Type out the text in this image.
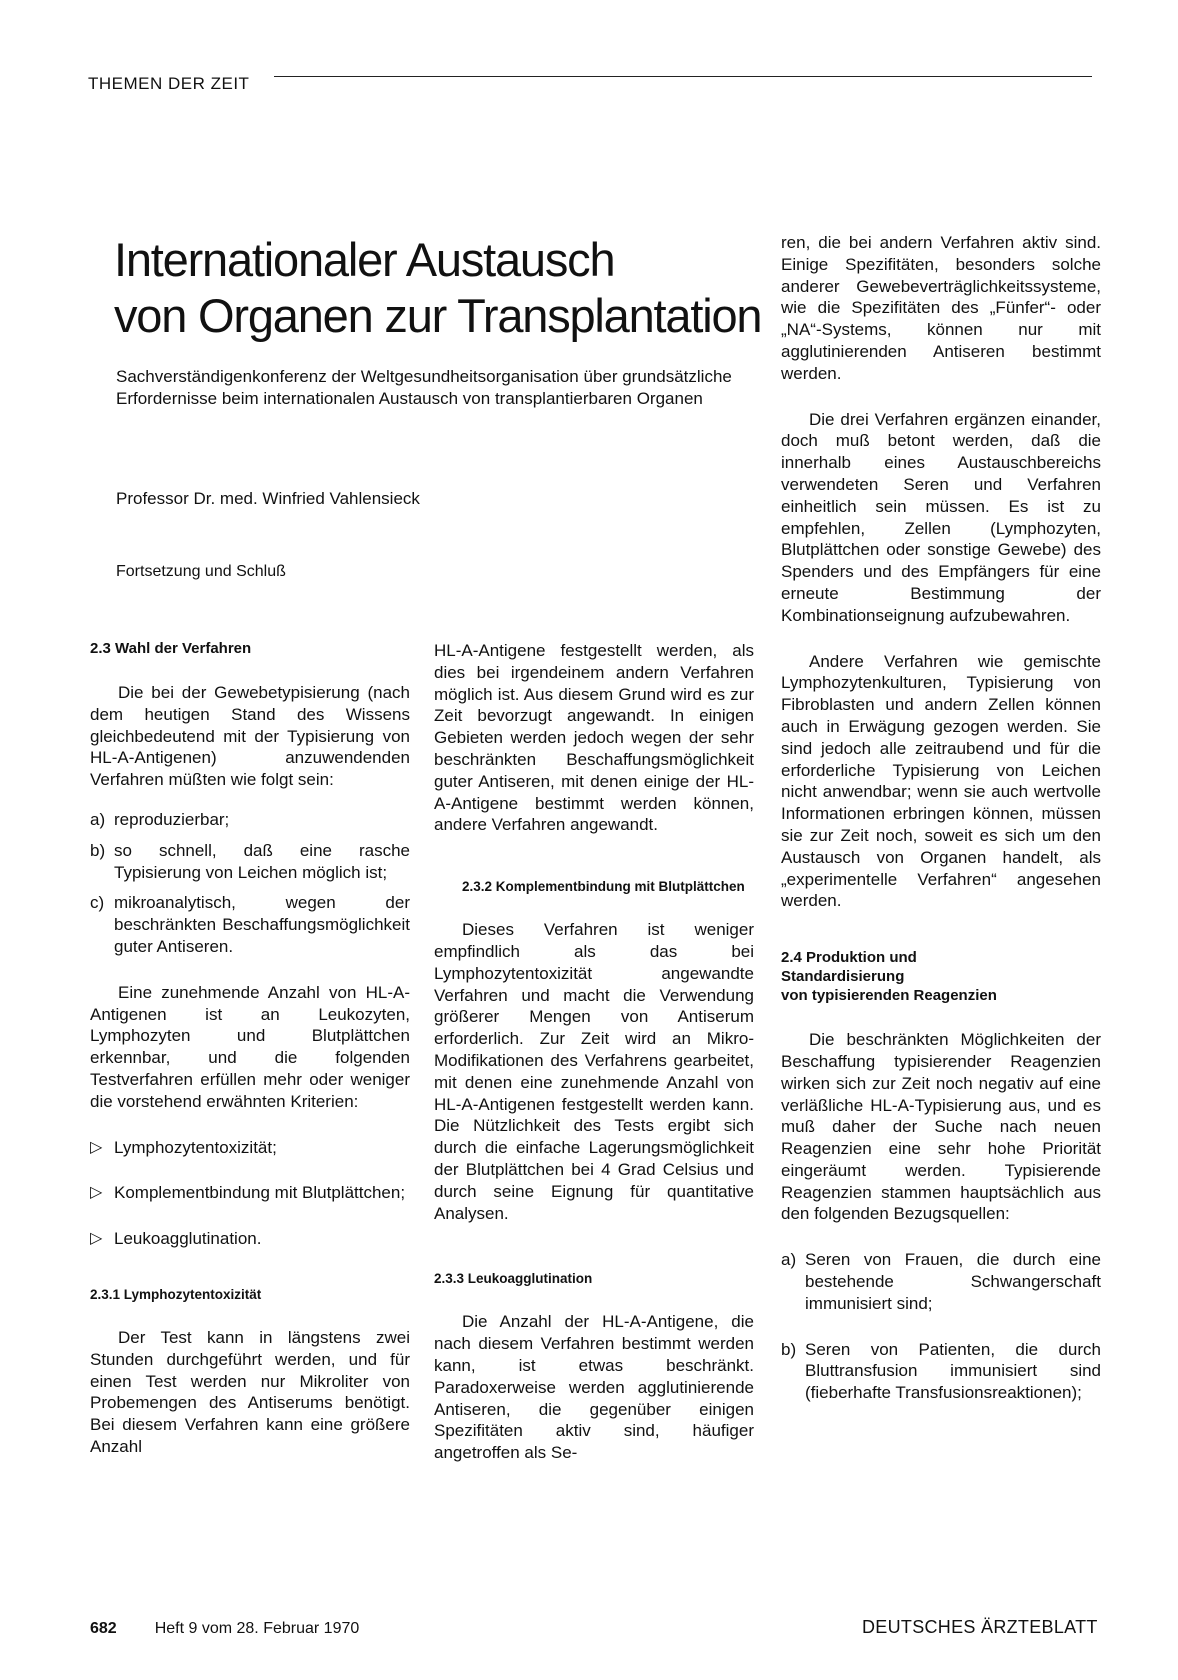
THEMEN DER ZEIT
Internationaler Austausch
von Organen zur Transplantation
Sachverständigenkonferenz der Weltgesundheitsorganisation über grundsätzliche Erfordernisse beim internationalen Austausch von transplantierbaren Organen
Professor Dr. med. Winfried Vahlensieck
Fortsetzung und Schluß
2.3 Wahl der Verfahren

Die bei der Gewebetypisierung (nach dem heutigen Stand des Wissens gleichbedeutend mit der Typisierung von HL-A-Antigenen) anzuwendenden Verfahren müßten wie folgt sein:

a) reproduzierbar;
b) so schnell, daß eine rasche Typisierung von Leichen möglich ist;
c) mikroanalytisch, wegen der beschränkten Beschaffungsmöglichkeit guter Antiseren.

Eine zunehmende Anzahl von HL-A-Antigenen ist an Leukozyten, Lymphozyten und Blutplättchen erkennbar, und die folgenden Testverfahren erfüllen mehr oder weniger die vorstehend erwähnten Kriterien:

▷ Lymphozytentoxizität;
▷ Komplementbindung mit Blutplättchen;
▷ Leukoagglutination.
2.3.1 Lymphozytentoxizität

Der Test kann in längstens zwei Stunden durchgeführt werden, und für einen Test werden nur Mikroliter von Probemengen des Antiserums benötigt. Bei diesem Verfahren kann eine größere Anzahl

HL-A-Antigene festgestellt werden, als dies bei irgendeinem andern Verfahren möglich ist. Aus diesem Grund wird es zur Zeit bevorzugt angewandt. In einigen Gebieten werden jedoch wegen der sehr beschränkten Beschaffungsmöglichkeit guter Antiseren, mit denen einige der HL-A-Antigene bestimmt werden können, andere Verfahren angewandt.

2.3.2 Komplementbindung mit Blutplättchen

Dieses Verfahren ist weniger empfindlich als das bei Lymphozytentoxizität angewandte Verfahren und macht die Verwendung größerer Mengen von Antiserum erforderlich. Zur Zeit wird an Mikro-Modifikationen des Verfahrens gearbeitet, mit denen eine zunehmende Anzahl von HL-A-Antigenen festgestellt werden kann. Die Nützlichkeit des Tests ergibt sich durch die einfache Lagerungsmöglichkeit der Blutplättchen bei 4 Grad Celsius und durch seine Eignung für quantitative Analysen.

2.3.3 Leukoagglutination

Die Anzahl der HL-A-Antigene, die nach diesem Verfahren bestimmt werden kann, ist etwas beschränkt. Paradoxerweise werden agglutinierende Antiseren, die gegenüber einigen Spezifitäten aktiv sind, häufiger angetroffen als Se-

ren, die bei andern Verfahren aktiv sind. Einige Spezifitäten, besonders solche anderer Gewebeverträglichkeitssysteme, wie die Spezifitäten des „Fünfer“- oder „NA“-Systems, können nur mit agglutinierenden Antiseren bestimmt werden.

Die drei Verfahren ergänzen einander, doch muß betont werden, daß die innerhalb eines Austauschbereichs verwendeten Seren und Verfahren einheitlich sein müssen. Es ist zu empfehlen, Zellen (Lymphozyten, Blutplättchen oder sonstige Gewebe) des Spenders und des Empfängers für eine erneute Bestimmung der Kombinationseignung aufzubewahren.

Andere Verfahren wie gemischte Lymphozytenkulturen, Typisierung von Fibroblasten und andern Zellen können auch in Erwägung gezogen werden. Sie sind jedoch alle zeitraubend und für die erforderliche Typisierung von Leichen nicht anwendbar; wenn sie auch wertvolle Informationen erbringen können, müssen sie zur Zeit noch, soweit es sich um den Austausch von Organen handelt, als „experimentelle Verfahren“ angesehen werden.

2.4 Produktion und
Standardisierung
von typisierenden Reagenzien

Die beschränkten Möglichkeiten der Beschaffung typisierender Reagenzien wirken sich zur Zeit noch negativ auf eine verläßliche HL-A-Typisierung aus, und es muß daher der Suche nach neuen Reagenzien eine sehr hohe Priorität eingeräumt werden. Typisierende Reagenzien stammen hauptsächlich aus den folgenden Bezugsquellen:

a) Seren von Frauen, die durch eine bestehende Schwangerschaft immunisiert sind;
b) Seren von Patienten, die durch Bluttransfusion immunisiert sind (fieberhafte Transfusionsreaktionen);
682 Heft 9 vom 28. Februar 1970	DEUTSCHES ÄRZTEBLATT
